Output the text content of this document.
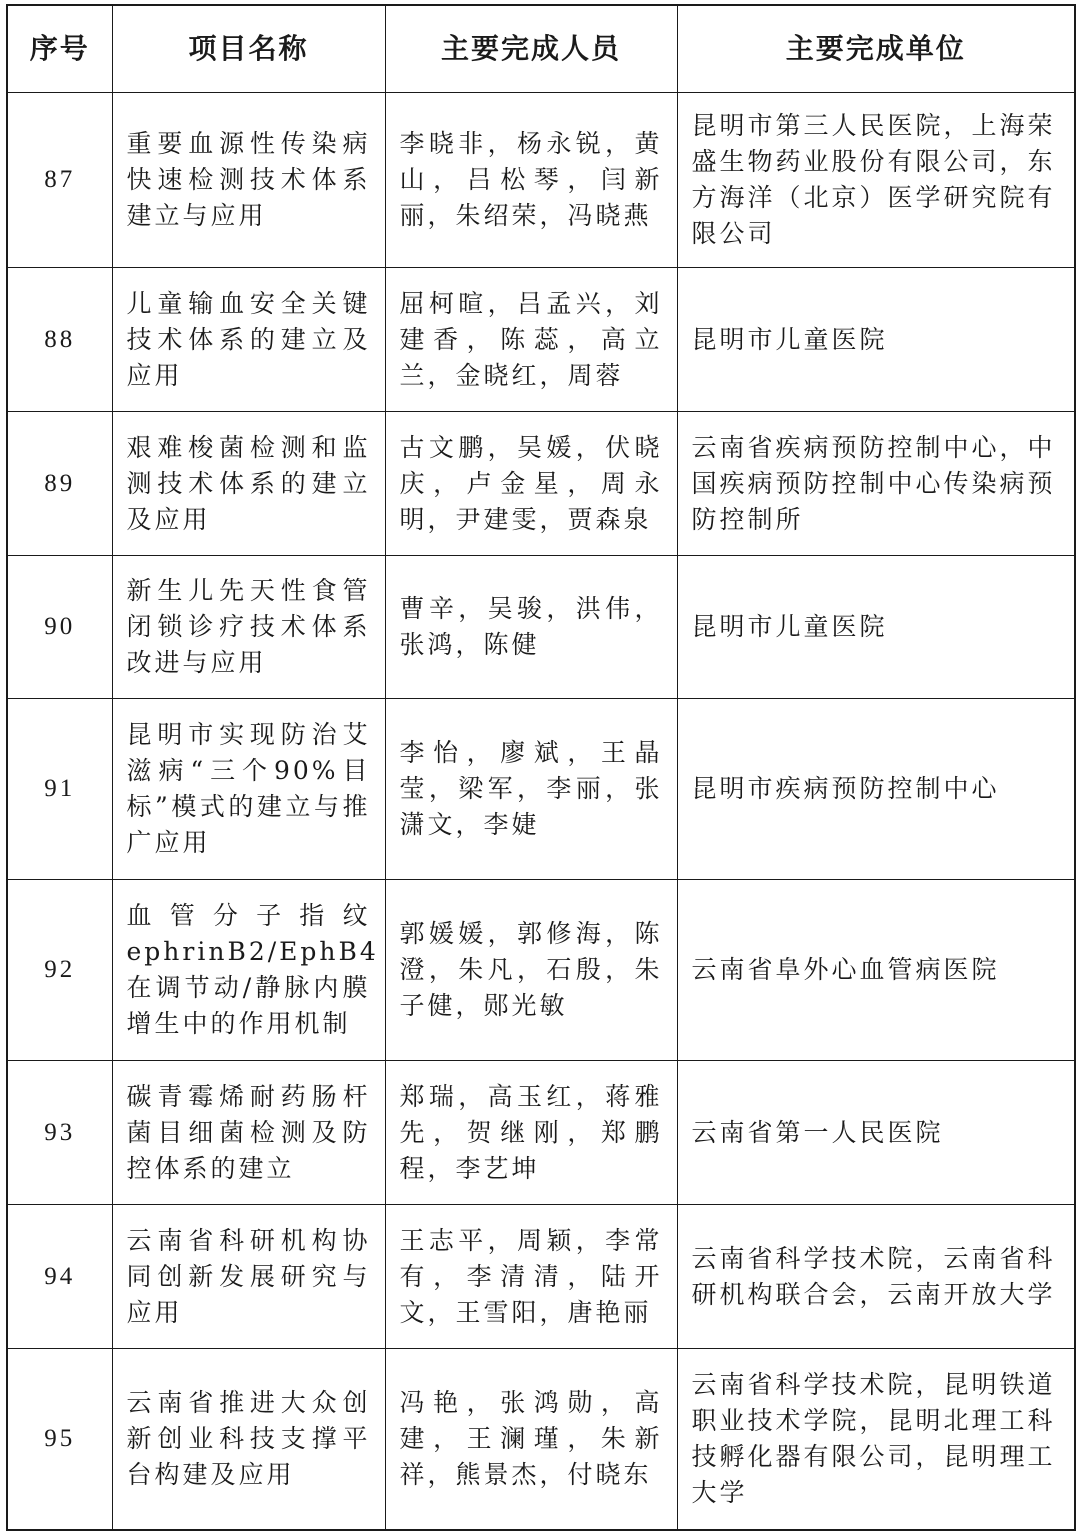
序号	项目名称	主要完成人员	主要完成单位
87	重要血源性传染病快速检测技术体系建立与应用	李晓非，杨永锐，黄山，吕松琴，闫新丽，朱绍荣，冯晓燕	昆明市第三人民医院，上海荣盛生物药业股份有限公司，东方海洋（北京）医学研究院有限公司
88	儿童输血安全关键技术体系的建立及应用	屈柯暄，吕孟兴，刘建香，陈蕊，高立兰，金晓红，周蓉	昆明市儿童医院
89	艰难梭菌检测和监测技术体系的建立及应用	古文鹏，吴媛，伏晓庆，卢金星，周永明，尹建雯，贾森泉	云南省疾病预防控制中心，中国疾病预防控制中心传染病预防控制所
90	新生儿先天性食管闭锁诊疗技术体系改进与应用	曹辛，吴骏，洪伟，张鸿，陈健	昆明市儿童医院
91	昆明市实现防治艾滋病“三个90%目标”模式的建立与推广应用	李怡，廖斌，王晶莹，梁军，李丽，张潇文，李婕	昆明市疾病预防控制中心
92	血管分子指纹ephrinB2/EphB4在调节动/静脉内膜增生中的作用机制	郭媛媛，郭修海，陈澄，朱凡，石殷，朱子健，郧光敏	云南省阜外心血管病医院
93	碳青霉烯耐药肠杆菌目细菌检测及防控体系的建立	郑瑞，高玉红，蒋雅先，贺继刚，郑鹏程，李艺坤	云南省第一人民医院
94	云南省科研机构协同创新发展研究与应用	王志平，周颖，李常有，李清清，陆开文，王雪阳，唐艳丽	云南省科学技术院，云南省科研机构联合会，云南开放大学
95	云南省推进大众创新创业科技支撑平台构建及应用	冯艳，张鸿勋，高建，王澜瑾，朱新祥，熊景杰，付晓东	云南省科学技术院，昆明铁道职业技术学院，昆明北理工科技孵化器有限公司，昆明理工大学
